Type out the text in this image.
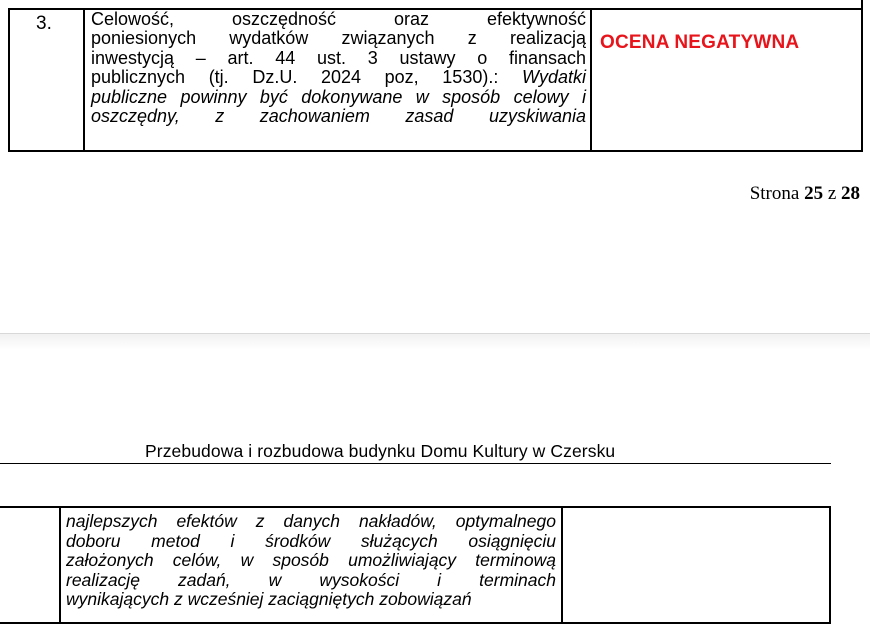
3. Celowość, oszczędność oraz efektywność
poniesionych wydatków związanych z realizacją
inwestycją – art. 44 ust. 3 ustawy o finansach
publicznych (tj. Dz.U. 2024 poz, 1530).: Wydatki
publiczne powinny być dokonywane w sposób celowy i
oszczędny, z zachowaniem zasad uzyskiwania
OCENA NEGATYWNA
Strona 25 z 28
Przebudowa i rozbudowa budynku Domu Kultury w Czersku
najlepszych efektów z danych nakładów, optymalnego
doboru metod i środków służących osiągnięciu
założonych celów, w sposób umożliwiający terminową
realizację zadań, w wysokości i terminach
wynikających z wcześniej zaciągniętych zobowiązań
